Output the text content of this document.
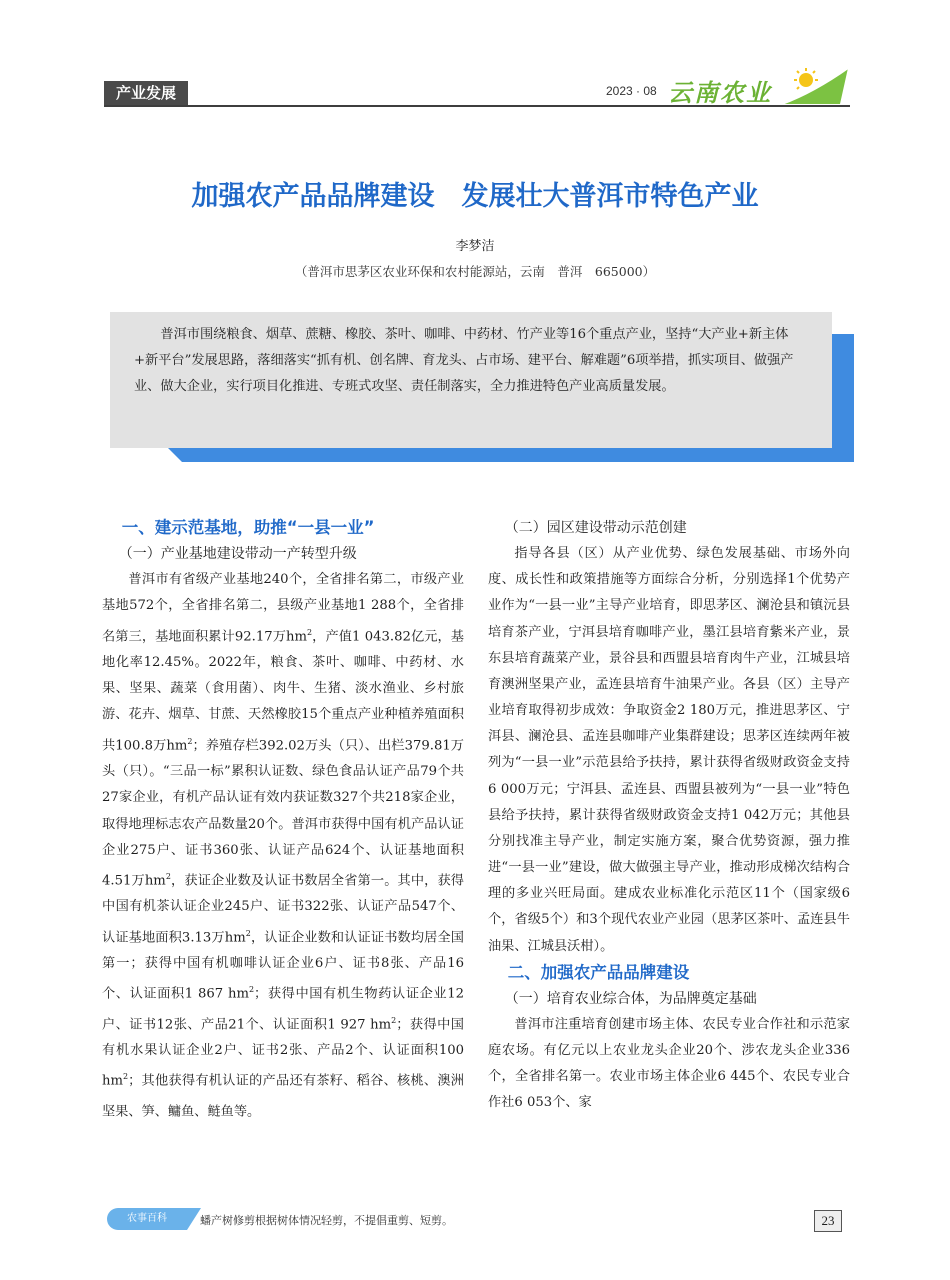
产业发展	2023 · 08 云南农业
加强农产品品牌建设　发展壮大普洱市特色产业
李梦洁
（普洱市思茅区农业环保和农村能源站，云南　普洱　665000）
普洱市围绕粮食、烟草、蔗糖、橡胶、茶叶、咖啡、中药材、竹产业等16个重点产业，坚持“大产业+新主体+新平台”发展思路，落细落实“抓有机、创名牌、育龙头、占市场、建平台、解难题”6项举措，抓实项目、做强产业、做大企业，实行项目化推进、专班式攻坚、责任制落实，全力推进特色产业高质量发展。

一、建示范基地，助推“一县一业”

（一）产业基地建设带动一产转型升级

普洱市有省级产业基地240个，全省排名第二，市级产业基地572个，全省排名第二，县级产业基地1 288个，全省排名第三，基地面积累计92.17万$hm^2$，产值1 043.82亿元，基地化率12.45%。2022年，粮食、茶叶、咖啡、中药材、水果、坚果、蔬菜（食用菌）、肉牛、生猪、淡水渔业、乡村旅游、花卉、烟草、甘蔗、天然橡胶15个重点产业种植养殖面积共100.8万$hm^2$；养殖存栏392.02万头（只）、出栏379.81万头（只）。“三品一标”累积认证数、绿色食品认证产品79个共27家企业，有机产品认证有效内获证数327个共218家企业，取得地理标志农产品数量20个。普洱市获得中国有机产品认证企业275户、证书360张、认证产品624个、认证基地面积4.51万$hm^2$，获证企业数及认证书数居全省第一。其中，获得中国有机茶认证企业245户、证书322张、认证产品547个、认证基地面积3.13万$hm^2$，认证企业数和认证证书数均居全国第一；获得中国有机咖啡认证企业6户、证书8张、产品16个、认证面积1 867 $hm^2$；获得中国有机生物药认证企业12户、证书12张、产品21个、认证面积1 927 $hm^2$；获得中国有机水果认证企业2户、证书2张、产品2个、认证面积100 $hm^2$；其他获得有机认证的产品还有茶籽、稻谷、核桃、澳洲坚果、笋、鳙鱼、鲢鱼等。

（二）园区建设带动示范创建

指导各县（区）从产业优势、绿色发展基础、市场外向度、成长性和政策措施等方面综合分析，分别选择1个优势产业作为“一县一业”主导产业培育，即思茅区、澜沧县和镇沅县培育茶产业，宁洱县培育咖啡产业，墨江县培育紫米产业，景东县培育蔬菜产业，景谷县和西盟县培育肉牛产业，江城县培育澳洲坚果产业，孟连县培育牛油果产业。各县（区）主导产业培育取得初步成效：争取资金2 180万元，推进思茅区、宁洱县、澜沧县、孟连县咖啡产业集群建设；思茅区连续两年被列为“一县一业”示范县给予扶持，累计获得省级财政资金支持6 000万元；宁洱县、孟连县、西盟县被列为“一县一业”特色县给予扶持，累计获得省级财政资金支持1 042万元；其他县分别找准主导产业，制定实施方案，聚合优势资源，强力推进“一县一业”建设，做大做强主导产业，推动形成梯次结构合理的多业兴旺局面。建成农业标准化示范区11个（国家级6个，省级5个）和3个现代农业产业园（思茅区茶叶、孟连县牛油果、江城县沃柑）。

二、加强农产品品牌建设

（一）培育农业综合体，为品牌奠定基础

普洱市注重培育创建市场主体、农民专业合作社和示范家庭农场。有亿元以上农业龙头企业20个、涉农龙头企业336个，全省排名第一。农业市场主体企业6 445个、农民专业合作社6 053个、家

农事百科	蟠产树修剪根据树体情况轻剪，不提倡重剪、短剪。	23
